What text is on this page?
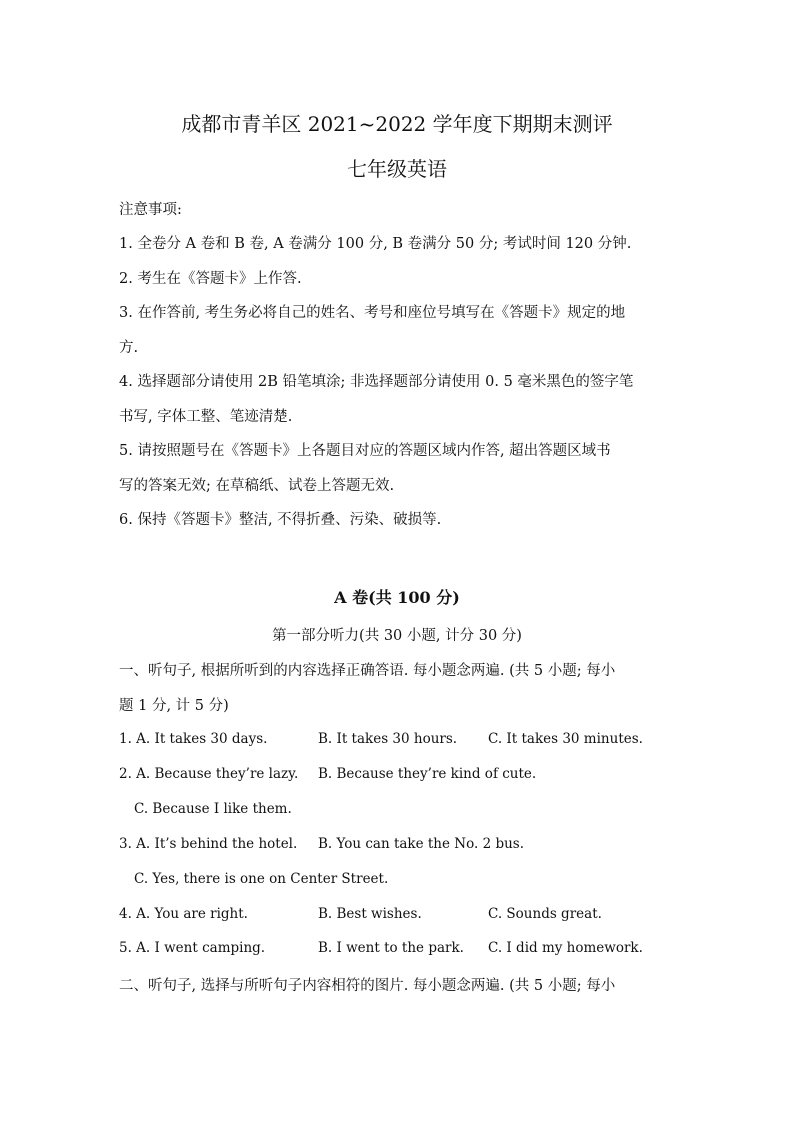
成都市青羊区 2021~2022 学年度下期期末测评
七年级英语
注意事项:
1. 全卷分 A 卷和 B 卷, A 卷满分 100 分, B 卷满分 50 分; 考试时间 120 分钟.
2. 考生在《答题卡》上作答.
3. 在作答前, 考生务必将自己的姓名、考号和座位号填写在《答题卡》规定的地
方.
4. 选择题部分请使用 2B 铅笔填涂; 非选择题部分请使用 0. 5 毫米黑色的签字笔
书写, 字体工整、笔迹清楚.
5. 请按照题号在《答题卡》上各题目对应的答题区域内作答, 超出答题区域书
写的答案无效; 在草稿纸、试卷上答题无效.
6. 保持《答题卡》整洁, 不得折叠、污染、破损等.
A 卷(共 100 分)
第一部分听力(共 30 小题, 计分 30 分)
一、听句子, 根据所听到的内容选择正确答语. 每小题念两遍. (共 5 小题; 每小
题 1 分, 计 5 分)
1. A. It takes 30 days.	B. It takes 30 hours. C. It takes 30 minutes.
2. A. Because they’re lazy. B. Because they’re kind of cute.
C. Because I like them.
3. A. It’s behind the hotel. B. You can take the No. 2 bus.
C. Yes, there is one on Center Street.
4. A. You are right.	B. Best wishes.	C. Sounds great.
5. A. I went camping.	B. I went to the park. C. I did my homework.
二、听句子, 选择与所听句子内容相符的图片. 每小题念两遍. (共 5 小题; 每小
